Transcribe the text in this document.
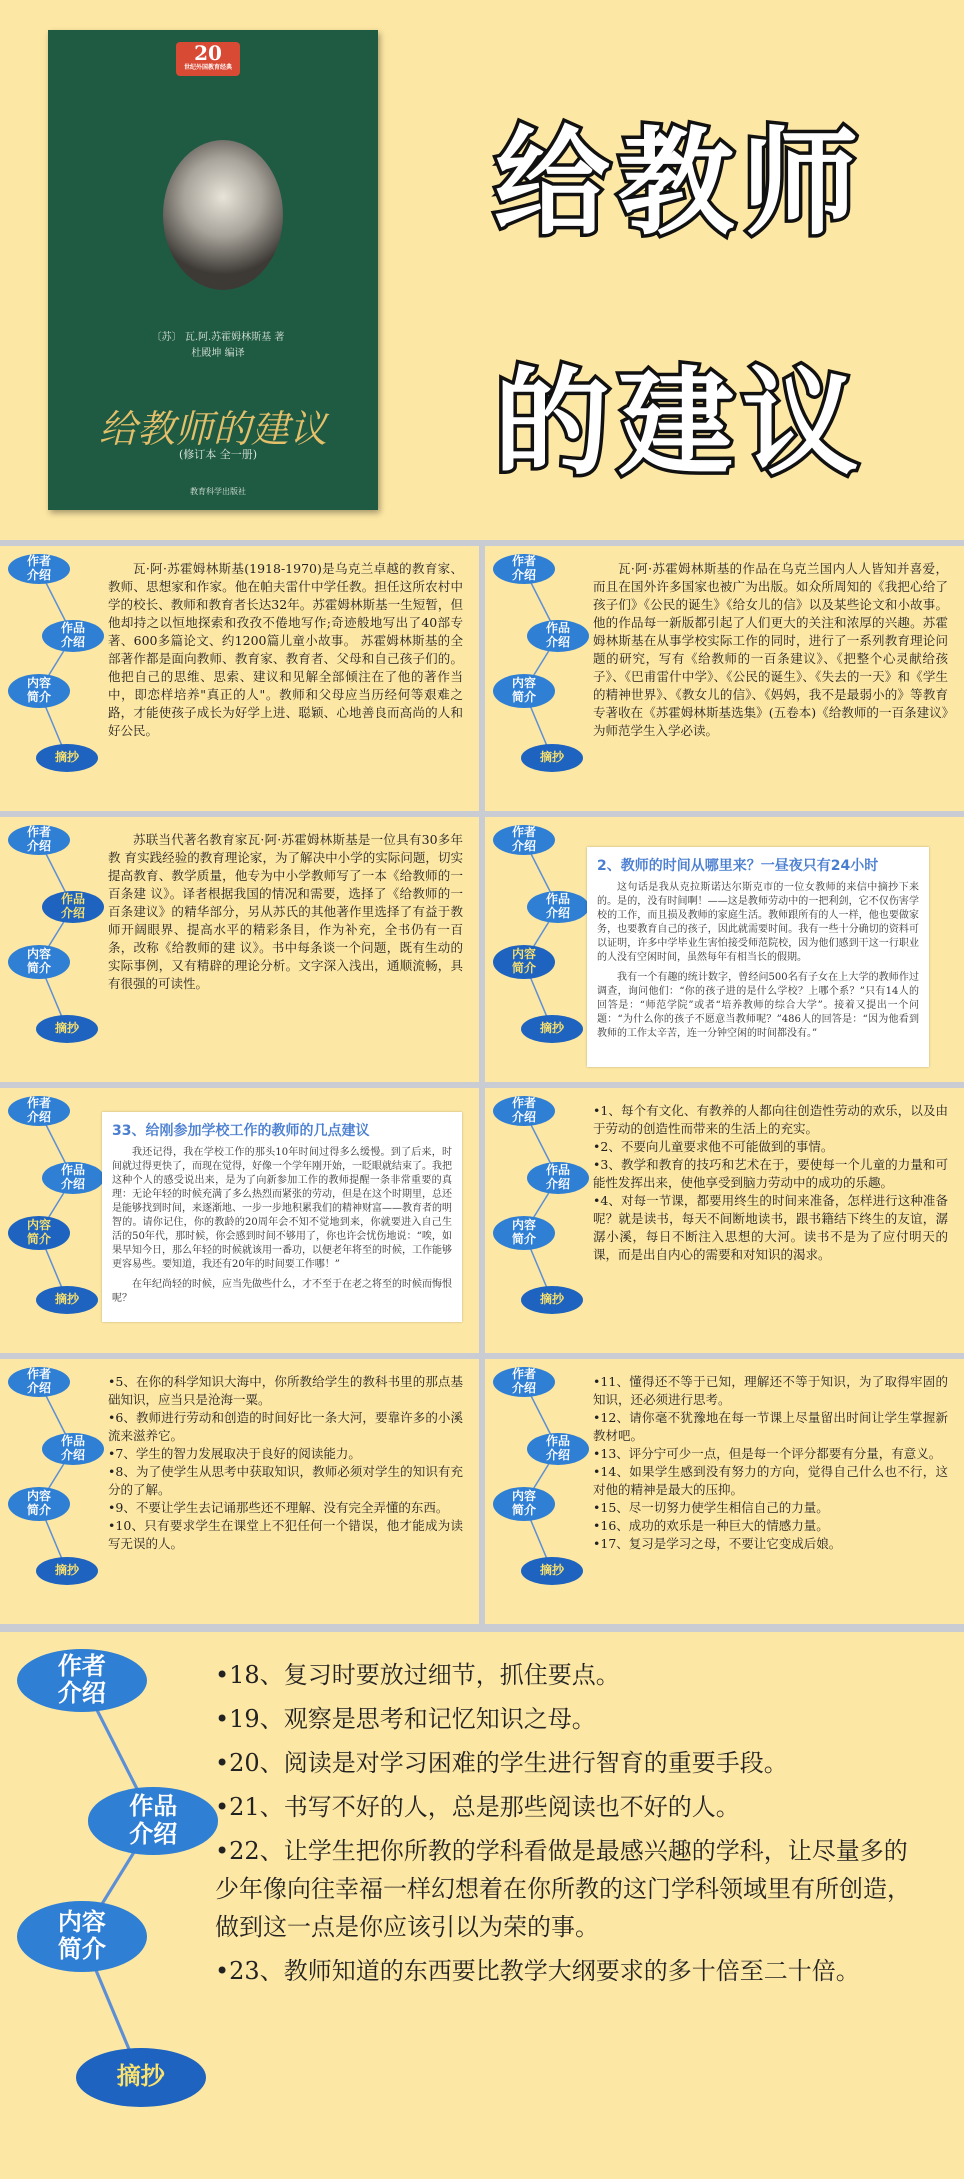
20
世纪外国教育经典
〔苏〕 瓦.阿.苏霍姆林斯基 著
杜殿坤 编译
给教师的建议
(修订本 全一册)
教育科学出版社
给教师
的建议
作者
介绍
作品
介绍
内容
简介
摘抄

瓦·阿·苏霍姆林斯基(1918-1970)是乌克兰卓越的教育家、教师、思想家和作家。他在帕夫雷什中学任教。担任这所农村中学的校长、教师和教育者长达32年。苏霍姆林斯基一生短暂，但他却持之以恒地探索和孜孜不倦地写作;奇迹般地写出了40部专著、600多篇论文、约1200篇儿童小故事。 苏霍姆林斯基的全部著作都是面向教师、教育家、教育者、父母和自己孩子们的。他把自己的思维、思索、建议和见解全部倾注在了他的著作当中，即恋样培养"真正的人"。教师和父母应当历经何等艰难之路，才能使孩子成长为好学上进、聪颖、心地善良而高尚的人和好公民。

作者
介绍
作品
介绍
内容
简介
摘抄

瓦·阿·苏霍姆林斯基的作品在乌克兰国内人人皆知并喜爱，而且在国外许多国家也被广为出版。如众所周知的《我把心给了孩子们》《公民的诞生》《给女儿的信》以及某些论文和小故事。 他的作品每一新版都引起了人们更大的关注和浓厚的兴趣。苏霍姆林斯基在从事学校实际工作的同时，进行了一系列教育理论问题的研究，写有《给教师的一百条建议》、《把整个心灵献给孩子》、《巴甫雷什中学》、《公民的诞生》、《失去的一天》和《学生的精神世界》、《教女儿的信》、《妈妈，我不是最弱小的》等教育专著收在《苏霍姆林斯基选集》(五卷本)《给教师的一百条建议》为师范学生入学必读。

作者
介绍
作品
介绍
内容
简介
摘抄

苏联当代著名教育家瓦·阿·苏霍姆林斯基是一位具有30多年教 育实践经验的教育理论家，为了解决中小学的实际问题，切实提高教育、教学质量，他专为中小学教师写了一本《给教师的一百条建 议》。译者根据我国的情况和需要，选择了《给教师的一百条建议》的精华部分，另从苏氏的其他著作里选择了有益于教师开阔眼界、提高水平的精彩条目，作为补充，全书仍有一百条，改称《给教师的建 议》。书中每条谈一个问题，既有生动的实际事例，又有精辟的理论分析。文字深入浅出，通顺流畅，具有很强的可读性。

作者
介绍
作品
介绍
内容
简介
摘抄
2、教师的时间从哪里来？一昼夜只有24小时

这句话是我从克拉斯诺达尔斯克市的一位女教师的来信中摘抄下来的。是的，没有时间啊！——这是教师劳动中的一把利剑，它不仅伤害学校的工作，而且损及教师的家庭生活。教师跟所有的人一样，他也要做家务，也要教育自己的孩子，因此就需要时间。我有一些十分确切的资料可以证明，许多中学毕业生害怕接受师范院校，因为他们感到干这一行职业的人没有空闲时间，虽然每年有相当长的假期。

我有一个有趣的统计数字，曾经问500名有子女在上大学的教师作过调查，询问他们：“你的孩子进的是什么学校？上哪个系？”只有14人的回答是：“师范学院”或者“培养教师的综合大学”。接着又提出一个问题：“为什么你的孩子不愿意当教师呢？”486人的回答是：“因为他看到教师的工作太辛苦，连一分钟空闲的时间都没有。”

作者
介绍
作品
介绍
内容
简介
摘抄
33、给刚参加学校工作的教师的几点建议

我还记得，我在学校工作的那头10年时间过得多么缓慢。到了后来，时间就过得更快了，而现在觉得，好像一个学年刚开始，一眨眼就结束了。我把这种个人的感受说出来，是为了向新参加工作的教师提醒一条非常重要的真理：无论年轻的时候充满了多么热烈而紧张的劳动，但是在这个时期里，总还是能够找到时间，来逐渐地、一步一步地积累我们的精神财富——教育者的明智的。请你记住，你的教龄的20周年会不知不觉地到来，你就要进入自己生活的50年代，那时候，你会感到时间不够用了，你也许会忧伤地说：“唉，如果早知今日，那么年轻的时候就该用一番功，以便老年将至的时候，工作能够更容易些。要知道，我还有20年的时间要工作哪！”

在年纪尚轻的时候，应当先做些什么，才不至于在老之将至的时候而悔恨呢？

作者
介绍
作品
介绍
内容
简介
摘抄
•1、每个有文化、有教养的人都向往创造性劳动的欢乐，以及由于劳动的创造性而带来的生活上的充实。
•2、不要向儿童要求他不可能做到的事情。
•3、教学和教育的技巧和艺术在于，要使每一个儿童的力量和可能性发挥出来，使他享受到脑力劳动中的成功的乐趣。
•4、对每一节课，都要用终生的时间来准备，怎样进行这种准备呢？就是读书，每天不间断地读书，跟书籍结下终生的友谊，潺潺小溪，每日不断注入思想的大河。读书不是为了应付明天的课，而是出自内心的需要和对知识的渴求。
作者
介绍
作品
介绍
内容
简介
摘抄
•5、在你的科学知识大海中，你所教给学生的教科书里的那点基础知识，应当只是沧海一粟。
•6、教师进行劳动和创造的时间好比一条大河，要靠许多的小溪流来滋养它。
•7、学生的智力发展取决于良好的阅读能力。
•8、为了使学生从思考中获取知识，教师必须对学生的知识有充分的了解。
•9、不要让学生去记诵那些还不理解、没有完全弄懂的东西。
•10、只有要求学生在课堂上不犯任何一个错误，他才能成为读写无误的人。
作者
介绍
作品
介绍
内容
简介
摘抄
•11、懂得还不等于已知，理解还不等于知识，为了取得牢固的知识，还必须进行思考。
•12、请你毫不犹豫地在每一节课上尽量留出时间让学生掌握新教材吧。
•13、评分宁可少一点，但是每一个评分都要有分量，有意义。
•14、如果学生感到没有努力的方向，觉得自己什么也不行，这对他的精神是最大的压抑。
•15、尽一切努力使学生相信自己的力量。
•16、成功的欢乐是一种巨大的情感力量。
•17、复习是学习之母，不要让它变成后娘。
作者
介绍
作品
介绍
内容
简介
摘抄
•18、复习时要放过细节，抓住要点。
•19、观察是思考和记忆知识之母。
•20、阅读是对学习困难的学生进行智育的重要手段。
•21、书写不好的人，总是那些阅读也不好的人。
•22、让学生把你所教的学科看做是最感兴趣的学科，让尽量多的少年像向往幸福一样幻想着在你所教的这门学科领域里有所创造，做到这一点是你应该引以为荣的事。
•23、教师知道的东西要比教学大纲要求的多十倍至二十倍。
